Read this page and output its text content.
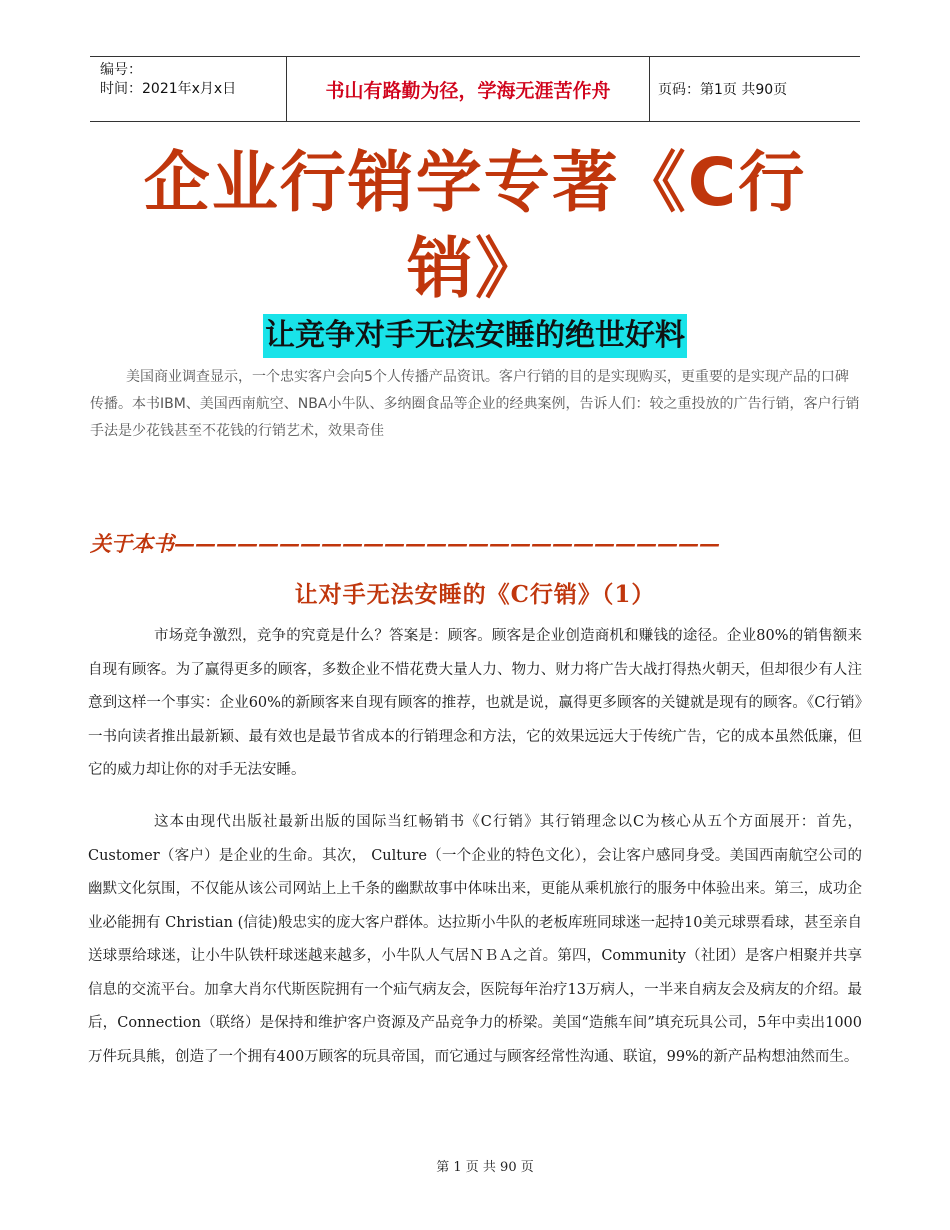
编号：
时间：2021年x月x日	书山有路勤为径，学海无涯苦作舟	页码：第1页 共90页
企业行销学专著《C行
销》
让竞争对手无法安睡的绝世好料
美国商业调查显示，一个忠实客户会向5个人传播产品资讯。客户行销的目的是实现购买，更重要的是实现产品的口碑传播。本书IBM、美国西南航空、NBA小牛队、多纳圈食品等企业的经典案例，告诉人们：较之重投放的广告行销，客户行销手法是少花钱甚至不花钱的行销艺术，效果奇佳
关于本书——————————————————————————
让对手无法安睡的《C行销》（1）
市场竞争激烈，竞争的究竟是什么？答案是：顾客。顾客是企业创造商机和赚钱的途径。企业80%的销售额来自现有顾客。为了赢得更多的顾客，多数企业不惜花费大量人力、物力、财力将广告大战打得热火朝天，但却很少有人注意到这样一个事实：企业60%的新顾客来自现有顾客的推荐，也就是说，赢得更多顾客的关键就是现有的顾客。《C行销》一书向读者推出最新颖、最有效也是最节省成本的行销理念和方法，它的效果远远大于传统广告，它的成本虽然低廉，但它的威力却让你的对手无法安睡。
这本由现代出版社最新出版的国际当红畅销书《C行销》其行销理念以C为核心从五个方面展开：首先，Customer（客户）是企业的生命。其次， Culture（一个企业的特色文化），会让客户感同身受。美国西南航空公司的幽默文化氛围，不仅能从该公司网站上上千条的幽默故事中体味出来，更能从乘机旅行的服务中体验出来。第三，成功企业必能拥有 Christian (信徒)般忠实的庞大客户群体。达拉斯小牛队的老板库班同球迷一起持10美元球票看球，甚至亲自送球票给球迷，让小牛队铁杆球迷越来越多，小牛队人气居ＮＢＡ之首。第四，Community（社团）是客户相聚并共享信息的交流平台。加拿大肖尔代斯医院拥有一个疝气病友会，医院每年治疗13万病人，一半来自病友会及病友的介绍。最后，Connection（联络）是保持和维护客户资源及产品竞争力的桥梁。美国“造熊车间”填充玩具公司，5年中卖出1000万件玩具熊，创造了一个拥有400万顾客的玩具帝国，而它通过与顾客经常性沟通、联谊，99%的新产品构想油然而生。
第 1 页 共 90 页
